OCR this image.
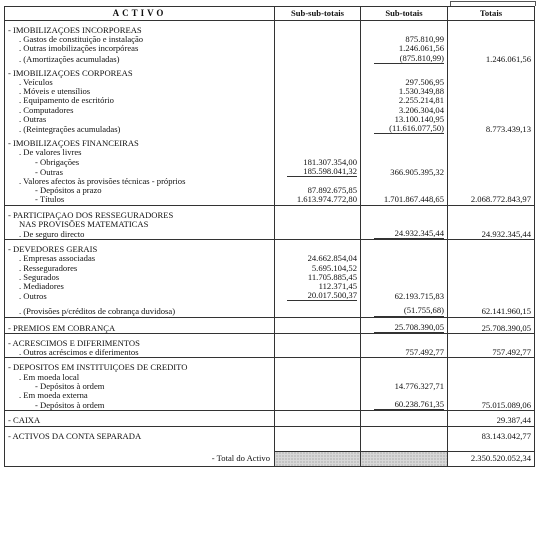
ACTIVO	Sub-sub-totais	Sub-totais	Totais

- IMOBILIZAÇOES INCORPOREAS			
. Gastos de constituição e instalação		875.810,99	
. Outras imobilizações incorpóreas		1.246.061,56	
. (Amortizações acumuladas)		(875.810,99)	1.246.061,56

- IMOBILIZAÇOES CORPOREAS			
. Veículos		297.506,95	
. Móveis e utensílios		1.530.349,88	
. Equipamento de escritório		2.255.214,81	
. Computadores		3.206.304,04	
. Outras		13.100.140,95	
. (Reintegrações acumuladas)		(11.616.077,50)	8.773.439,13

- IMOBILIZAÇOES FINANCEIRAS			
. De valores livres			
- Obrigações	181.307.354,00		
- Outras	185.598.041,32	366.905.395,32	
. Valores afectos às provisões técnicas - próprios			
- Depósitos a prazo	87.892.675,85		
- Títulos	1.613.974.772,80	1.701.867.448,65	2.068.772.843,97

- PARTICIPAÇAO DOS RESSEGURADORES			
NAS PROVISÕES MATEMATICAS			
. De seguro directo		24.932.345,44	24.932.345,44

- DEVEDORES GERAIS			
. Empresas associadas	24.662.854,04		
. Resseguradores	5.695.104,52		
. Segurados	11.705.885,45		
. Mediadores	112.371,45		
. Outros	20.017.500,37	62.193.715,83	

. (Provisões p/créditos de cobrança duvidosa)		(51.755,68)	62.141.960,15

- PREMIOS EM COBRANÇA		25.708.390,05	25.708.390,05

- ACRESCIMOS E DIFERIMENTOS			
. Outros acréscimos e diferimentos		757.492,77	757.492,77

- DEPOSITOS EM INSTITUIÇOES DE CREDITO			
. Em moeda local			
- Depósitos à ordem		14.776.327,71	
. Em moeda externa			
- Depósitos à ordem		60.238.761,35	75.015.089,06

- CAIXA			29.387,44

- ACTIVOS DA CONTA SEPARADA			83.143.042,77

- Total do Activo			2.350.520.052,34
